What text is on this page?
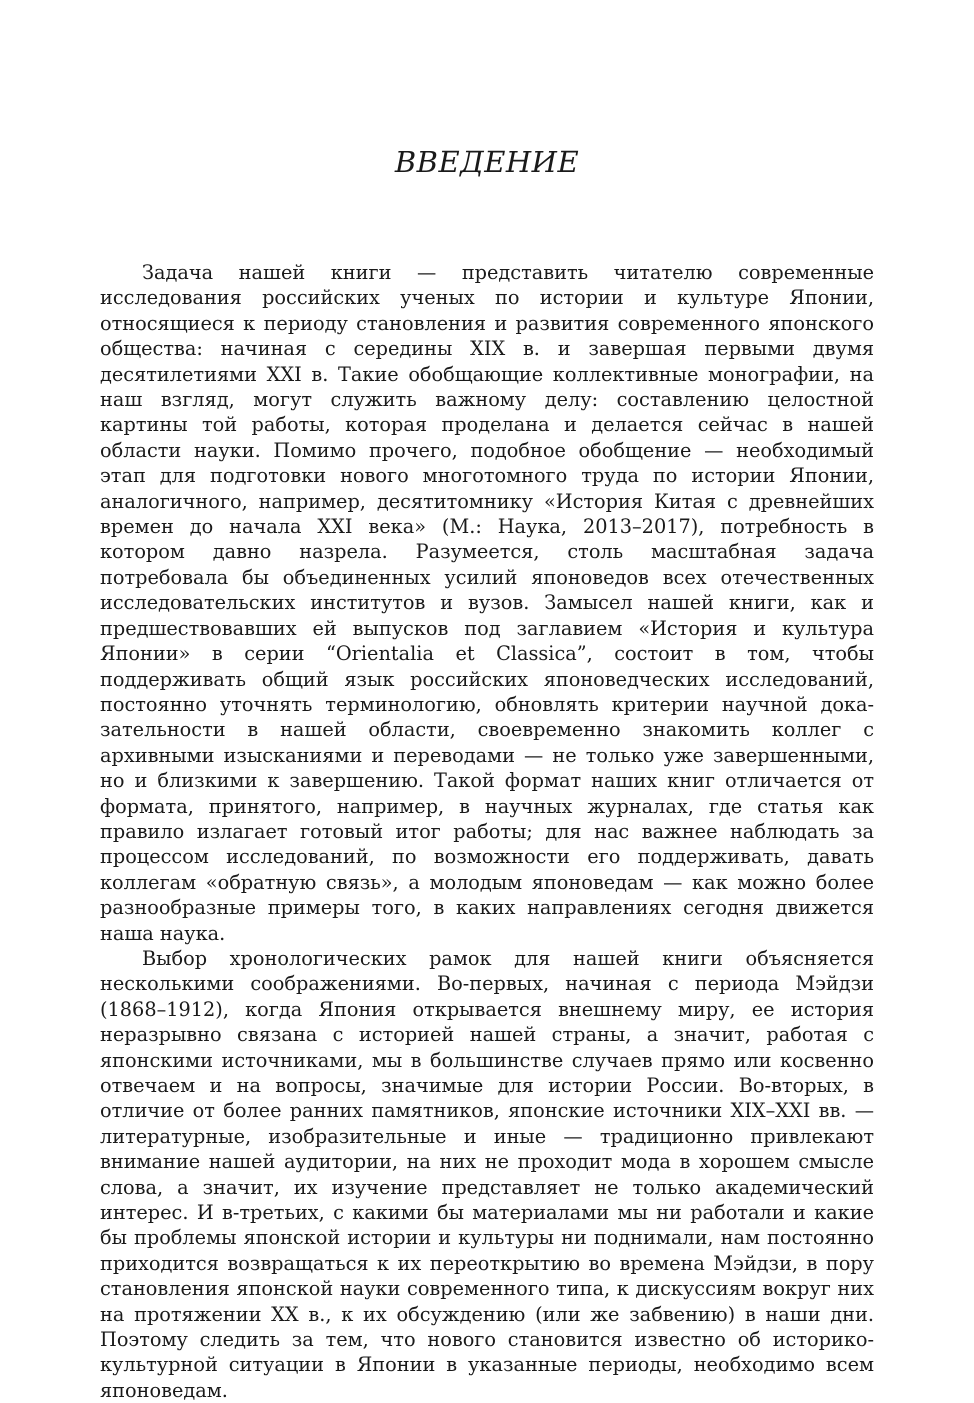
ВВЕДЕНИЕ

Задача нашей книги — представить читателю современные исследования российских ученых по истории и культуре Японии, относящиеся к периоду становления и развития современного японского общества: начиная с середины XIX в. и завершая первыми двумя десятилетиями XXI в. Такие обобщающие коллективные монографии, на наш взгляд, могут служить важному делу: составлению целостной картины той работы, которая проделана и делается сейчас в нашей области науки. Помимо прочего, подобное обобщение — необходимый этап для подготовки нового многотомного труда по истории Японии, аналогичного, например, десятитомнику «История Китая с древнейших времен до начала XXI века» (М.: Наука, 2013–2017), потребность в котором давно назрела. Разумеется, столь масштабная задача потребовала бы объединенных усилий японоведов всех отечественных исследовательских институтов и вузов. Замысел нашей книги, как и предшествовавших ей выпусков под заглавием «История и культура Японии» в серии “Orientalia et Classica”, состоит в том, чтобы поддерживать общий язык российских японоведческих исследований, постоянно уточнять терминологию, обновлять критерии научной доказательности в нашей области, своевременно знакомить коллег с архивными изысканиями и переводами — не только уже завершенными, но и близкими к завершению. Такой формат наших книг отличается от формата, принятого, например, в научных журналах, где статья как правило излагает готовый итог работы; для нас важнее наблюдать за процессом исследований, по возможности его поддерживать, давать коллегам «обратную связь», а молодым японоведам — как можно более разнообразные примеры того, в каких направлениях сегодня движется наша наука.

Выбор хронологических рамок для нашей книги объясняется несколькими соображениями. Во-первых, начиная с периода Мэйдзи (1868–1912), когда Япония открывается внешнему миру, ее история неразрывно связана с историей нашей страны, а значит, работая с японскими источниками, мы в большинстве случаев прямо или косвенно отвечаем и на вопросы, значимые для истории России. Во-вторых, в отличие от более ранних памятников, японские источники XIX–XXI вв. — литературные, изобразительные и иные — традиционно привлекают внимание нашей аудитории, на них не проходит мода в хорошем смысле слова, а значит, их изучение представляет не только академический интерес. И в-третьих, с какими бы материалами мы ни работали и какие бы проблемы японской истории и культуры ни поднимали, нам постоянно приходится возвращаться к их переоткрытию во времена Мэйдзи, в пору становления японской науки современного типа, к дискуссиям вокруг них на протяжении XX в., к их обсуждению (или же забвению) в наши дни. Поэтому следить за тем, что нового становится известно об историко-культурной ситуации в Японии в указанные периоды, необходимо всем японоведам.
